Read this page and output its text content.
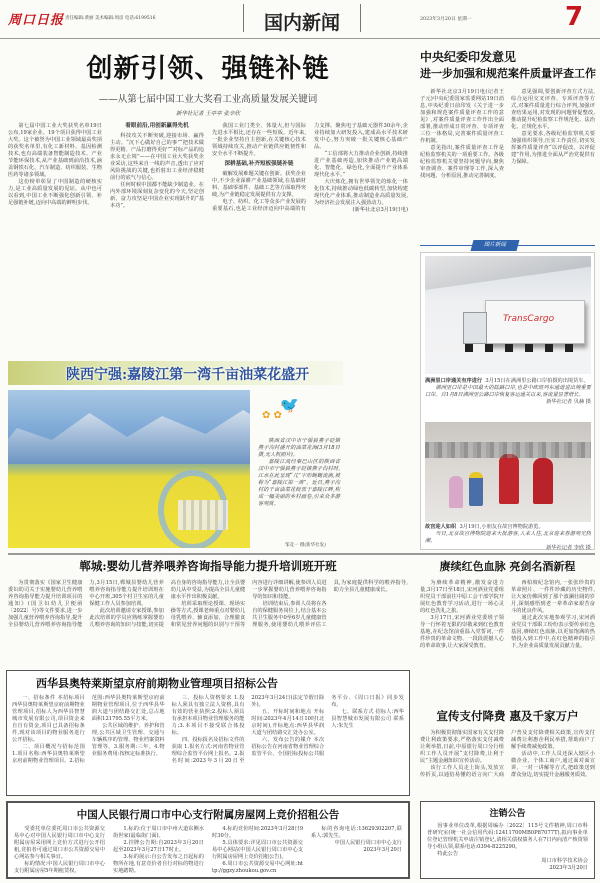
周口日报 责任编辑:黄丽 美术编辑:周彦 电话:6199516	国内新闻	2023年3月20日 星期一	7
创新引领、强链补链
——从第七届中国工业大奖看工业高质量发展关键词
新华社记者 王亭亭 张辛欣

第七届中国工业大奖获奖名单19日公布,19家企业、19个项目获得中国工业大奖。这个被誉为中国工业领域最高奖项的获奖名单里,有化工新材料、基因检测技术,也有高端装备智能制造技术、产业节能环保技术,从产业基础到前沿技术,涵盖钢铁石化、汽车制造、纺织服装、生物医药等诸多领域。

这份榜单彰显了中国制造的硬核实力,是工业高质量发展的见证。从中也可以看到,中国工业不断强化创新引领、补足强链补链,迈向中高端的鲜明步伐。

着眼前沿,用创新赢得先机

科技攻关不断突破,迎接市场、赢得主动。“沉下心做好自己的事”“把技术做得更精、产品打磨得更好”“对标产品的追求永无止境”——在中国工业大奖获奖企业采访,这些来自一线的声音,透出了应对风险挑战的关键,也折射出工业经济稳健前行的底气与信心。

任何时候中国都不能缺少制造业。在内外部环境深刻复杂变化的今天,坚定创新、奋力攻坚是中国企业实现跃升的“基本功”。

我国工业门类全、体量大,但与国际先进水平相比,还存在一些短板。近年来,一批企业坚持自主创新,在关键核心技术领域持续攻关,推动产业链供应链韧性和安全水平不断提升。

深耕基础,补齐短板强链补链

破解发展难题关键在创新。获奖企业中,不少企业深耕产业基础领域,在基础材料、基础零部件、基础工艺等方面取得突破,为产业链稳定发展提供有力支撑。

电子、纺织、化工等众多产业发展的重要基石,也是工业经济迈向中高端的有力支撑。聚焦电子基础元器件30余年,企业持续加大研发投入,建成高水平技术研发中心,努力突破一批关键核心基础产品。

“工信部将大力推动企业创新,持续推进产业基础再造,加快推动产业链高端化、智能化、绿色化,全面提升产业体系现代化水平。”

大庆炼化,拥有世界领先的炼化一体化技术,持续推动绿色低碳转型,加快构建现代化产业体系,推动制造业高质量发展,为经济社会发展注入强劲动力。

(新华社北京3月19日电)

中央纪委印发意见
进一步加强和规范案件质量评查工作

新华社北京3月19日电(记者王子元)中央纪委国家监委网站19日消息,中央纪委日前印发《关于进一步加强和规范案件质量评查工作的意见》,对案件质量评查工作作出全面部署,推动形成日常评查、专项评查三位一体格局,完善案件质量评查工作机制。

意见指出,案件质量评查工作是纪检监察机关的一项重要工作。各级纪检监察机关要坚持问题导向,聚焦审查调查、案件审理等工作,深入查找问题、分析原因,推动完善制度。

意见强调,要创新评查方式方法,综合运用交叉评查、专项评查等方式,对案件质量进行综合评判,加强评查结果运用,对发现的问题督促整改,推动提升纪检监察工作规范化、法治化、正规化水平。

意见要求,各级纪检监察机关要加强组织领导,压实工作责任,切实发挥案件质量评查“以评促改、以评促建”作用,为推进全面从严治党提供有力保障。

图片新闻
TransCargo
满洲里口岸通关有序进行 3月15日在满洲里公路口岸拍摄的出境货车。

满洲里口岸是中国最大的陆路口岸,也是中欧班列东通道进出境重要口岸。自1月8日满洲里公路口岸恢复客运通关以来,客流量显著增长。

新华社记者 贝赫 摄

故宫迎人如织 3月19日,小朋友在故宫博物院游览。

当日,北京故宫博物院迎来大批游客,人来人往,北京迎来春游观光热潮。

新华社记者 李欣 摄

陕西宁强:嘉陵江第一湾千亩油菜花盛开
🐦
✿ ✿

陕西省汉中市宁强县燕子砭镇燕子沟村盛开的油菜花海(3月18日摄,无人机照片)。

嘉陵江流经秦巴山区的陕西省汉中市宁强县燕子砭镇燕子沟村时,江水在此呈现“几”字形蜿蜒流淌,被称为“嘉陵江第一湾”。近日,燕子沟村的千亩油菜花绽放于嘉陵江畔,构成一幅美丽的乡村画卷,引来众多游客观赏。

邹竞一 摄(新华社发)
郸城:婴幼儿营养喂养咨询指导能力提升培训班开班

为贯彻落实《国家卫生健康委妇幼司关于实施婴幼儿营养喂养咨询指导能力提升培训项目的通知》(国卫妇幼儿卫便函〔2022〕号)等文件要求,进一步加强儿童营养喂养咨询指导,提升全县婴幼儿营养喂养咨询指导能力,3月15日,郸城县婴幼儿营养喂养咨询指导能力提升培训班在中心开班,305个村卫生室的儿童保健工作人员参加培训。

此次培训邀请专家授课,参加此次培训的学员应熟练掌握婴幼儿喂养咨询的知识与技能,切实提高自身的咨询指导能力,让全县婴幼儿从中受益,为提高全县儿童健康水平作出积极贡献。

培训采取理论授课、现场实操等方式,授课老师重点对婴幼儿母乳喂养、辅食添加、合理膳食和常见营养问题的识别与干预等内容进行详细讲解,使参训人员进一步掌握婴幼儿营养喂养咨询指导的知识和技能。

培训结束后,参训人员将在各自的保健服务岗位上,结合基本公共卫生服务中0至6岁儿童健康管理服务,使用婴幼儿喂养评估工具,为家庭提供科学的喂养指导,助力全县儿童健康成长。

赓续红色血脉 亮剑名酒新程

为赓续革命精神,激发奋进力量,3月17日至18日,宋河酒业党委组织党员干部前往中原工会干部学院开展红色教育学习活动,进行一场心灵的红色洗礼之旅。

3月17日,宋河酒业党委班子领导一行怀着无限的崇敬来到红色教育基地,在纪念馆前重温入党誓词,一件件珍贵的革命文物、一段段震撼人心的革命故事,让大家深受教育。

西柏坡纪念馆内,一张张珍贵的革命照片、一件件珍藏的历史物件,让大家仿佛回到了那个波澜壮阔的岁月,深刻感悟到老一辈革命家艰苦奋斗的优良作风。

通过此次实地参观学习,宋河酒业党员干部职工纷纷表示要传承红色基因,赓续红色血脉,以更加饱满的热情投入到工作中,在红色精神的指引下,为企业高质量发展贡献力量。

西华县奥特莱斯望京府前期物业管理项目招标公告

一、招标条件 本招标项目西华县奥特莱斯望京府前期物业管理项目,招标人为西华县智慧城市发展有限公司,项目资金来自自有资金,项目已具备招标条件,现对该项目的物业服务进行公开招标。

二、项目概况与招标范围 1.项目名称:西华县奥特莱斯望京府前期物业管理项目。2.招标范围:西华县奥特莱斯望京府前期物业管理项目,位于西华县华润大道与团结路交汇处,总占地面积121795.55平方米。

公共区域的维护、养护和管理,公共区域卫生管理、交通与车辆秩序的管理、物业档案资料管理等。3.服务期:三年。4.物业服务费用:按核定标准执行。

三、投标人资格要求 1.投标人须具有独立法人资格,具有有效的营业执照;2.投标人须具有承担本项目物业管理服务的能力;3.本项目不接受联合体投标。

四、投标报名及招标文件的获取 1.报名方式:河南省物业管理综合监管平台网上报名。2.报名时间:2023年3月20日至2023年3月24日(法定节假日除外)。

五、开标时间和地点 开标时间:2023年4月14日10时(北京时间),开标地点:西华县华润大道与团结路交汇处办公室。

六、发布公告的媒介 本次招标公告在河南省物业管理综合监管平台、全国招标投标公共服务平台、《周口日报》同步发布。

七、联系方式 招标人:西华县智慧城市发展有限公司 联系人:朱先生

宣传支付降费 惠及千家万户

为积极贯彻落实国家有关支付降费让利政策要求,严格落实支付减费让利举措,日前,中原银行周口分行组织工作人员开展“支付降费,让利于民”主题金融知识宣传活动。

该行工作人员走上街头,发放宣传折页,以通俗易懂的语言向广大商户普及支付降费相关政策,宣传支付减费让利惠企利民举措,帮助商户了解手续费减免政策。

活动中,工作人员还深入辖区小微企业、个体工商户,通过面对面宣讲、一对一讲解等方式,把政策送到群众身边,切实提升金融服务质效。

中国人民银行周口市中心支行附属房屋网上竞价招租公告

受委托单位委托周口市公共资源交易中心对中国人民银行周口市中心支行附属房屋采用网上竞价方式进行公开招租,竞拍者可通过周口市公共资源交易中心网站参与相关事宜。

标的情况:中国人民银行周口市中心支行附属房屋5年期租赁权。

1.标的:位于周口市中州大道东侧水街世家(最临街门面)。

2.挂牌公告期:自2023年3月20日起至2023年3月27日17时止。

3.标的展示:自公告发布之日起标的物所在地,有意竞价者自行对标的物进行实地踏勘。

4.标的竞价时间:2023年3月28日9时30分。

5.具体要求:详见周口市公共资源交易中心网站(中国人民银行周口市中心支行附属房屋网上竞价招租公告)。

6.周口市公共资源交易中心网址:http://ggzy.zhoukou.gov.cn

标的咨询电话:13629302207,联系人:郭先生。

中国人民银行周口市中心支行

2023年3月20日

注销公告

因事业单位改革,根据周编办〔2022〕115号文件精神,周口市科普研究室(统一社会信用代码:12411700MB0P87077T),拟向事业单位登记管理机关申请注销登记,请相关债权债务人在7日内向清产核资领导小组认领,联系电话:0394-8225290。

特此公告

周口市科学技术协会

2023年3月20日
